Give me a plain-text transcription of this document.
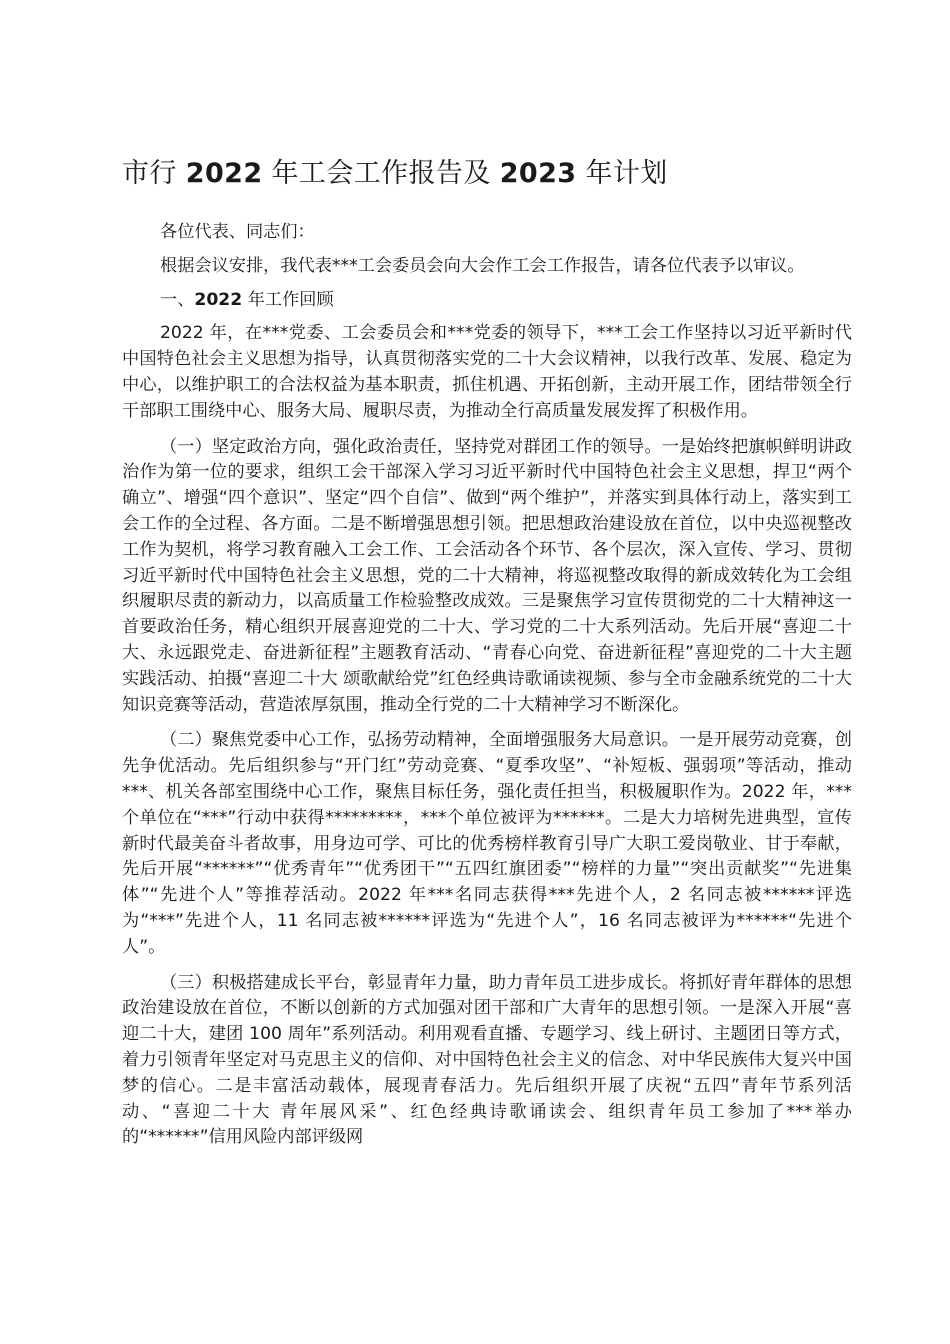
市行 2022 年工会工作报告及 2023 年计划

各位代表、同志们：

根据会议安排，我代表***工会委员会向大会作工会工作报告，请各位代表予以审议。

一、2022 年工作回顾

2022 年，在***党委、工会委员会和***党委的领导下，***工会工作坚持以习近平新时代中国特色社会主义思想为指导，认真贯彻落实党的二十大会议精神，以我行改革、发展、稳定为中心，以维护职工的合法权益为基本职责，抓住机遇、开拓创新，主动开展工作，团结带领全行干部职工围绕中心、服务大局、履职尽责，为推动全行高质量发展发挥了积极作用。

（一）坚定政治方向，强化政治责任，坚持党对群团工作的领导。一是始终把旗帜鲜明讲政治作为第一位的要求，组织工会干部深入学习习近平新时代中国特色社会主义思想，捍卫“两个确立”、增强“四个意识”、坚定“四个自信”、做到“两个维护”，并落实到具体行动上，落实到工会工作的全过程、各方面。二是不断增强思想引领。把思想政治建设放在首位，以中央巡视整改工作为契机，将学习教育融入工会工作、工会活动各个环节、各个层次，深入宣传、学习、贯彻习近平新时代中国特色社会主义思想，党的二十大精神，将巡视整改取得的新成效转化为工会组织履职尽责的新动力，以高质量工作检验整改成效。三是聚焦学习宣传贯彻党的二十大精神这一首要政治任务，精心组织开展喜迎党的二十大、学习党的二十大系列活动。先后开展“喜迎二十大、永远跟党走、奋进新征程”主题教育活动、“青春心向党、奋进新征程”喜迎党的二十大主题实践活动、拍摄“喜迎二十大 颂歌献给党”红色经典诗歌诵读视频、参与全市金融系统党的二十大知识竞赛等活动，营造浓厚氛围，推动全行党的二十大精神学习不断深化。

（二）聚焦党委中心工作，弘扬劳动精神，全面增强服务大局意识。一是开展劳动竞赛，创先争优活动。先后组织参与“开门红”劳动竞赛、“夏季攻坚”、“补短板、强弱项”等活动，推动***、机关各部室围绕中心工作，聚焦目标任务，强化责任担当，积极履职作为。2022 年，***个单位在“***”行动中获得*********，***个单位被评为******。二是大力培树先进典型，宣传新时代最美奋斗者故事，用身边可学、可比的优秀榜样教育引导广大职工爱岗敬业、甘于奉献，先后开展“******”“优秀青年”“优秀团干”“五四红旗团委”“榜样的力量”“突出贡献奖”“先进集体”“先进个人”等推荐活动。2022 年***名同志获得***先进个人，2 名同志被******评选为“***”先进个人，11 名同志被******评选为“先进个人”，16 名同志被评为******“先进个人”。

（三）积极搭建成长平台，彰显青年力量，助力青年员工进步成长。将抓好青年群体的思想政治建设放在首位，不断以创新的方式加强对团干部和广大青年的思想引领。一是深入开展“喜迎二十大，建团 100 周年”系列活动。利用观看直播、专题学习、线上研讨、主题团日等方式，着力引领青年坚定对马克思主义的信仰、对中国特色社会主义的信念、对中华民族伟大复兴中国梦的信心。二是丰富活动载体，展现青春活力。先后组织开展了庆祝“五四”青年节系列活动、“喜迎二十大 青年展风采”、红色经典诗歌诵读会、组织青年员工参加了***举办的“******”信用风险内部评级网
